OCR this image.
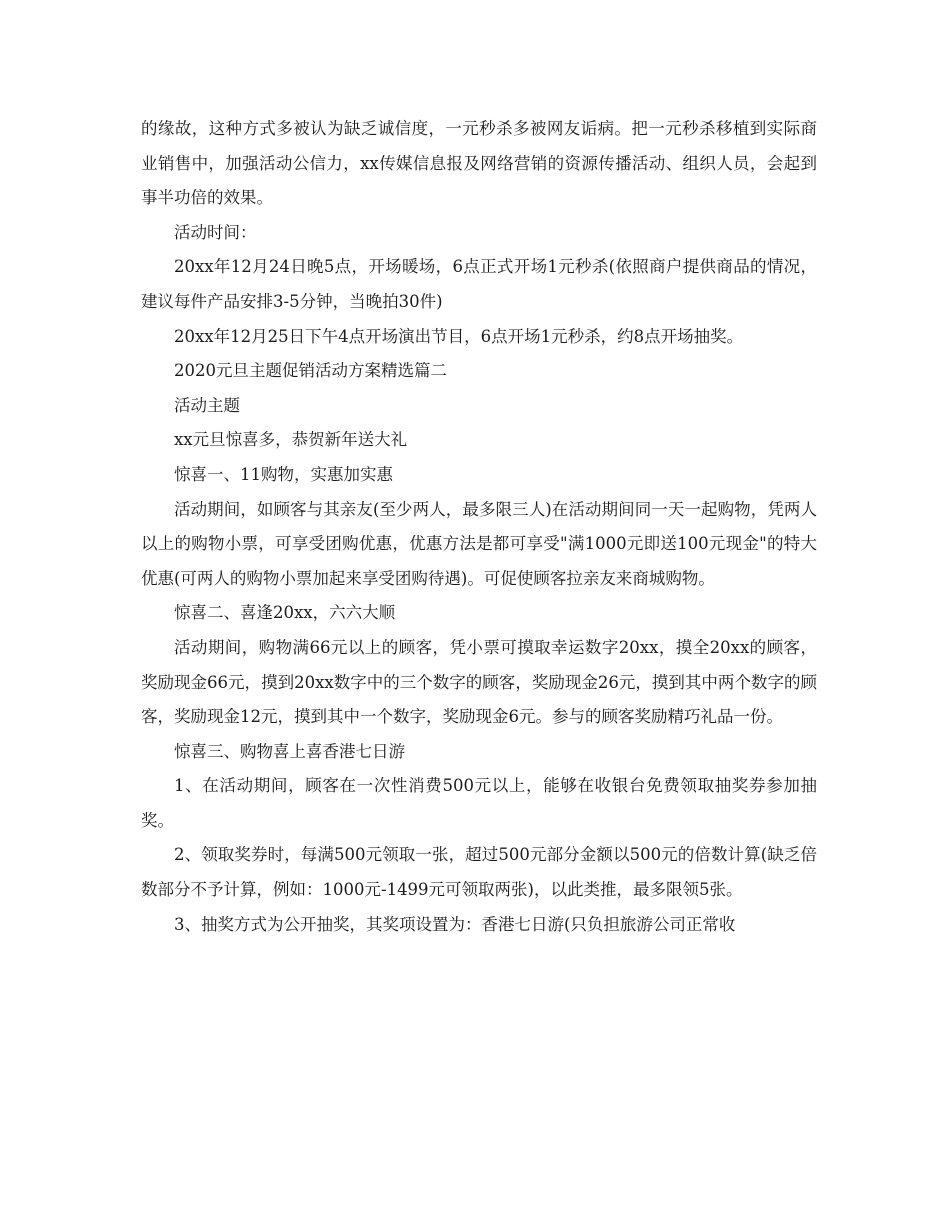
的缘故，这种方式多被认为缺乏诚信度，一元秒杀多被网友诟病。把一元秒杀移植到实际商业销售中，加强活动公信力，xx传媒信息报及网络营销的资源传播活动、组织人员，会起到事半功倍的效果。

活动时间：

20xx年12月24日晚5点，开场暖场，6点正式开场1元秒杀(依照商户提供商品的情况，建议每件产品安排3-5分钟，当晚拍30件)

20xx年12月25日下午4点开场演出节目，6点开场1元秒杀，约8点开场抽奖。

2020元旦主题促销活动方案精选篇二

活动主题

xx元旦惊喜多，恭贺新年送大礼

惊喜一、11购物，实惠加实惠

活动期间，如顾客与其亲友(至少两人，最多限三人)在活动期间同一天一起购物，凭两人以上的购物小票，可享受团购优惠，优惠方法是都可享受"满1000元即送100元现金"的特大优惠(可两人的购物小票加起来享受团购待遇)。可促使顾客拉亲友来商城购物。

惊喜二、喜逢20xx，六六大顺

活动期间，购物满66元以上的顾客，凭小票可摸取幸运数字20xx，摸全20xx的顾客，奖励现金66元，摸到20xx数字中的三个数字的顾客，奖励现金26元，摸到其中两个数字的顾客，奖励现金12元，摸到其中一个数字，奖励现金6元。参与的顾客奖励精巧礼品一份。

惊喜三、购物喜上喜香港七日游

1、在活动期间，顾客在一次性消费500元以上，能够在收银台免费领取抽奖券参加抽奖。

2、领取奖券时，每满500元领取一张，超过500元部分金额以500元的倍数计算(缺乏倍数部分不予计算，例如：1000元-1499元可领取两张)，以此类推，最多限领5张。

3、抽奖方式为公开抽奖，其奖项设置为：香港七日游(只负担旅游公司正常收
